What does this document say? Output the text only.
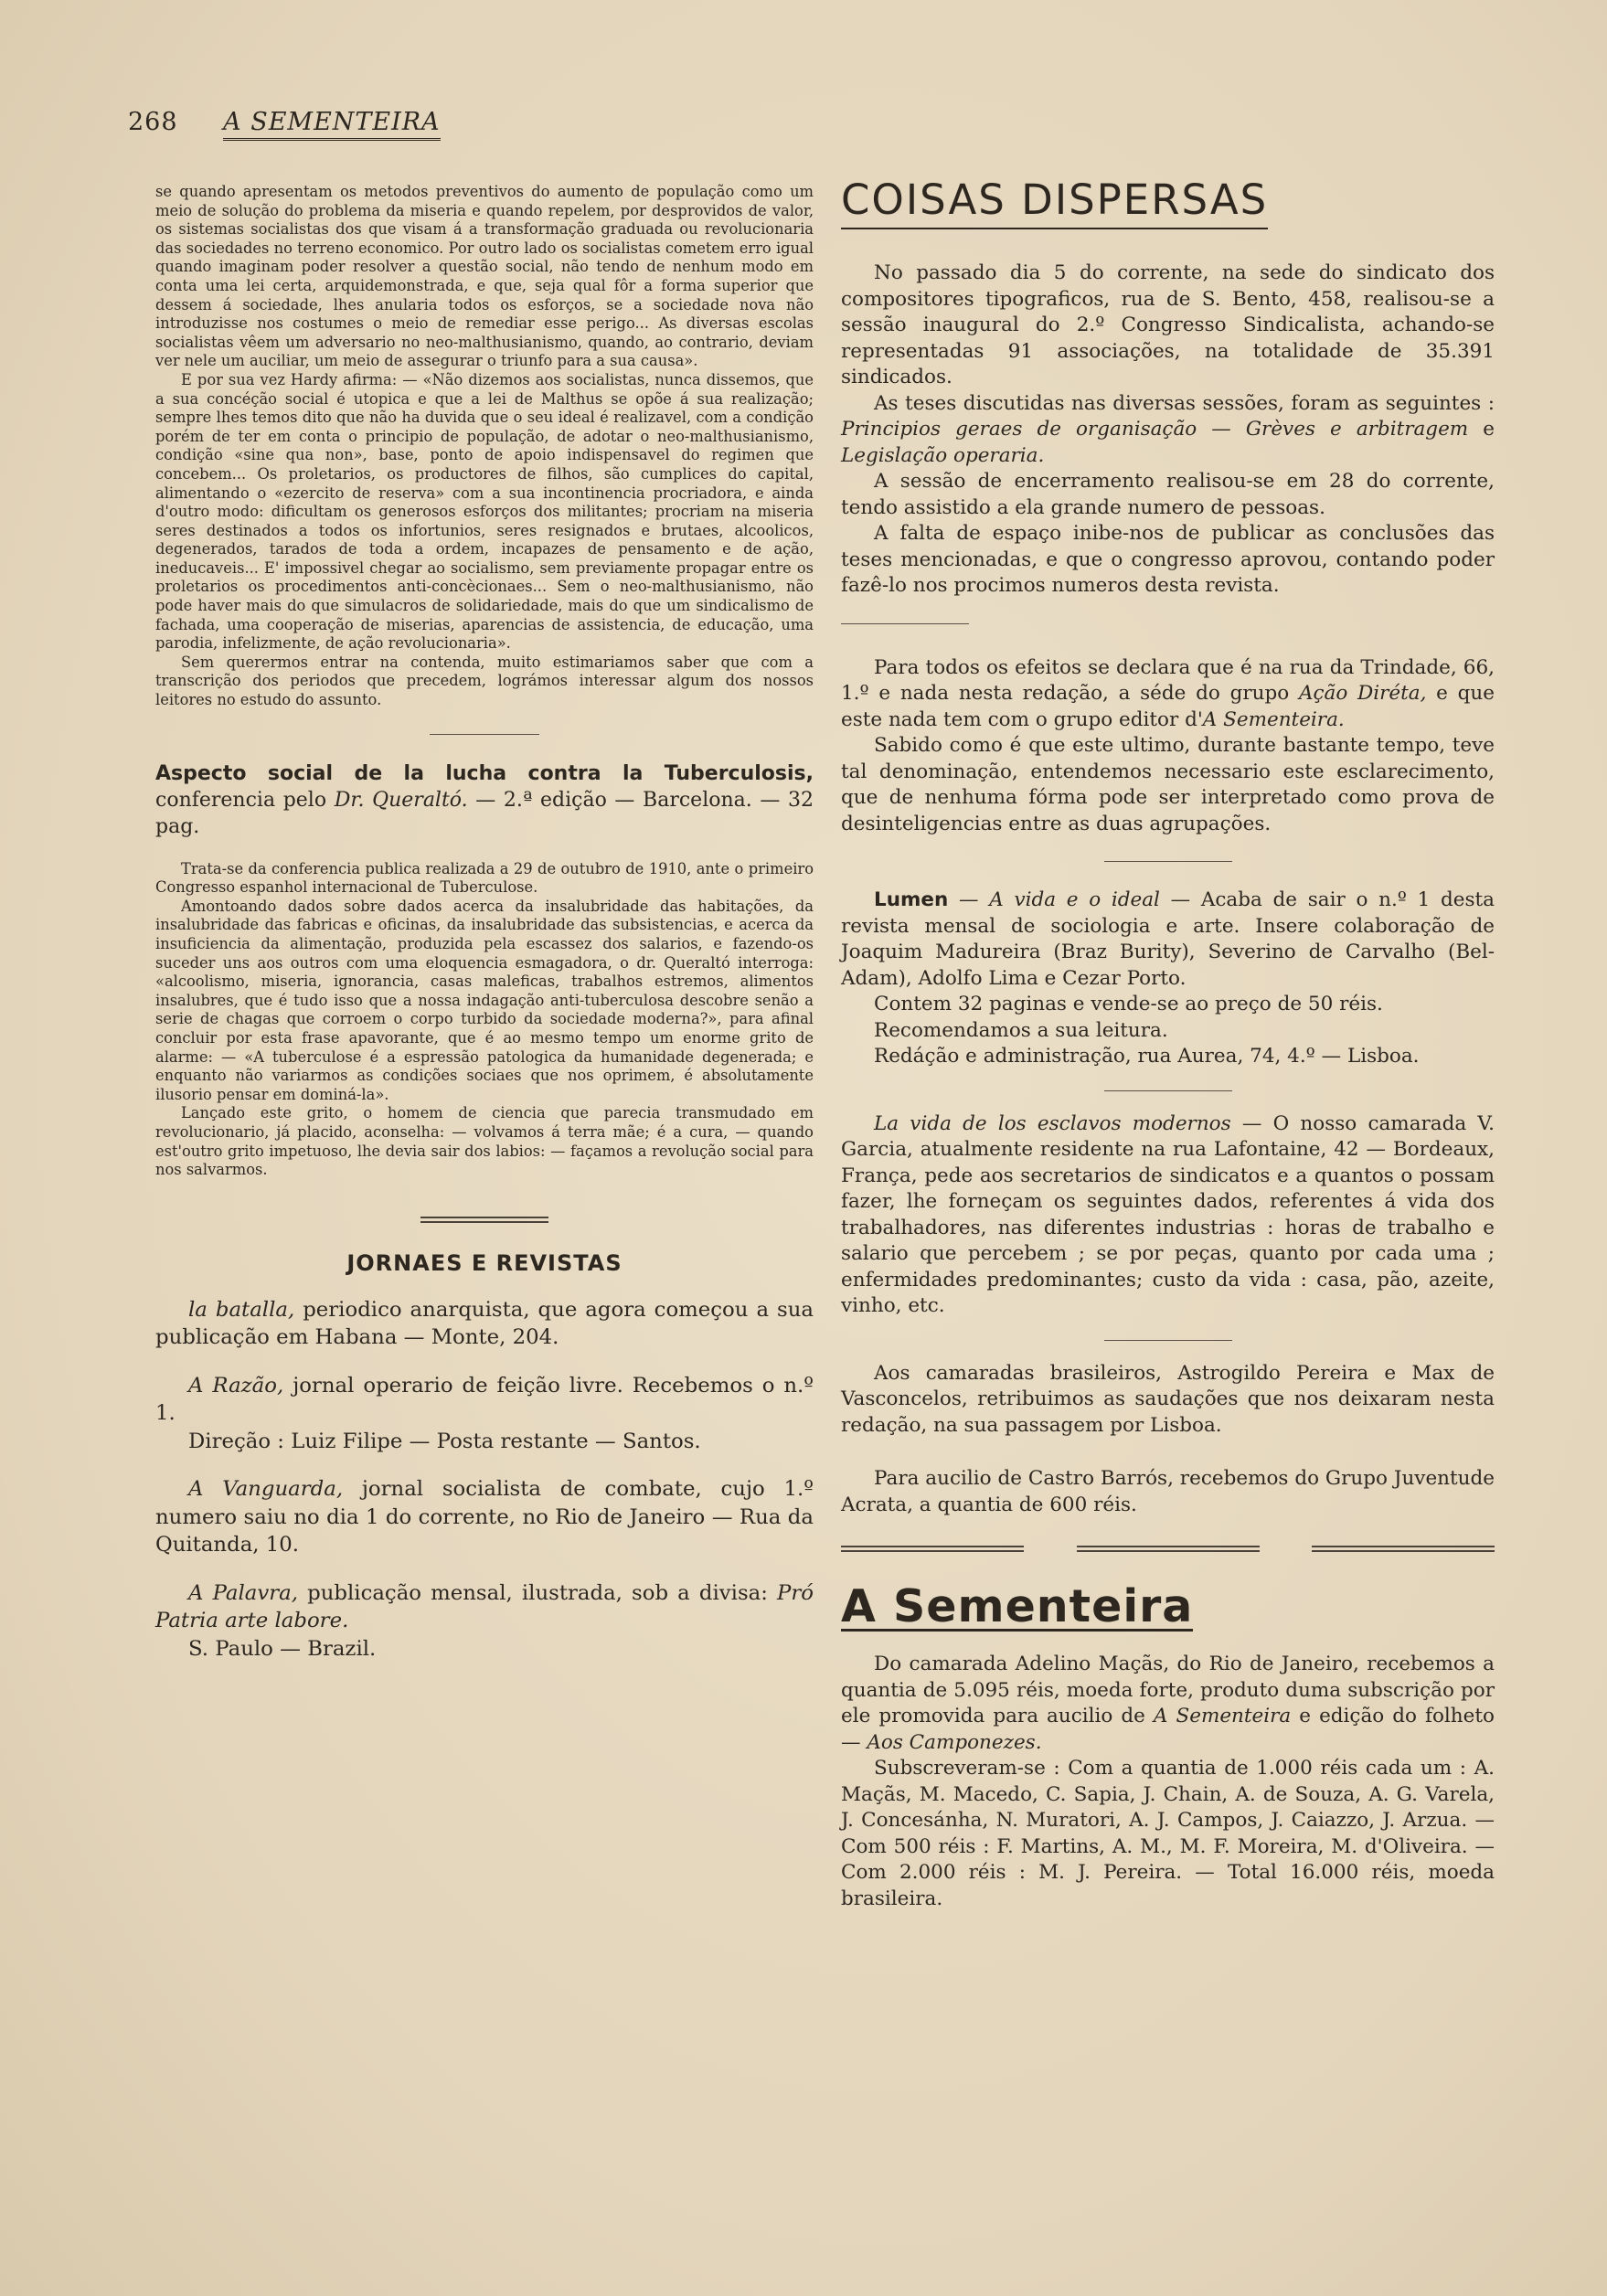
268 A SEMENTEIRA

se quando apresentam os metodos preventivos do aumento de população como um meio de solução do problema da miseria e quando repelem, por desprovidos de valor, os sistemas socialistas dos que visam á a transformação graduada ou revolucionaria das sociedades no terreno economico. Por outro lado os socialistas cometem erro igual quando imaginam poder resolver a questão social, não tendo de nenhum modo em conta uma lei certa, arquidemonstrada, e que, seja qual fôr a forma superior que dessem á sociedade, lhes anularia todos os esforços, se a sociedade nova não introduzisse nos costumes o meio de remediar esse perigo... As diversas escolas socialistas vêem um adversario no neo-malthusianismo, quando, ao contrario, deviam ver nele um auciliar, um meio de assegurar o triunfo para a sua causa».

E por sua vez Hardy afirma: — «Não dizemos aos socialistas, nunca dissemos, que a sua concéção social é utopica e que a lei de Malthus se opõe á sua realização; sempre lhes temos dito que não ha duvida que o seu ideal é realizavel, com a condição porém de ter em conta o principio de população, de adotar o neo-malthusianismo, condição «sine qua non», base, ponto de apoio indispensavel do regimen que concebem... Os proletarios, os productores de filhos, são cumplices do capital, alimentando o «ezercito de reserva» com a sua incontinencia procriadora, e ainda d'outro modo: dificultam os generosos esforços dos militantes; procriam na miseria seres destinados a todos os infortunios, seres resignados e brutaes, alcoolicos, degenerados, tarados de toda a ordem, incapazes de pensamento e de ação, ineducaveis... E' impossivel chegar ao socialismo, sem previamente propagar entre os proletarios os procedimentos anti-concècionaes... Sem o neo-malthusianismo, não pode haver mais do que simulacros de solidariedade, mais do que um sindicalismo de fachada, uma cooperação de miserias, aparencias de assistencia, de educação, uma parodia, infelizmente, de ação revolucionaria».

Sem querermos entrar na contenda, muito estimariamos saber que com a transcrição dos periodos que precedem, lográmos interessar algum dos nossos leitores no estudo do assunto.

Aspecto social de la lucha contra la Tuberculosis, conferencia pelo Dr. Queraltó. — 2.ª edição — Barcelona. — 32 pag.

Trata-se da conferencia publica realizada a 29 de outubro de 1910, ante o primeiro Congresso espanhol internacional de Tuberculose.

Amontoando dados sobre dados acerca da insalubridade das habitações, da insalubridade das fabricas e oficinas, da insalubridade das subsistencias, e acerca da insuficiencia da alimentação, produzida pela escassez dos salarios, e fazendo-os suceder uns aos outros com uma eloquencia esmagadora, o dr. Queraltó interroga: «alcoolismo, miseria, ignorancia, casas maleficas, trabalhos estremos, alimentos insalubres, que é tudo isso que a nossa indagação anti-tuberculosa descobre senão a serie de chagas que corroem o corpo turbido da sociedade moderna?», para afinal concluir por esta frase apavorante, que é ao mesmo tempo um enorme grito de alarme: — «A tuberculose é a espressão patologica da humanidade degenerada; e enquanto não variarmos as condições sociaes que nos oprimem, é absolutamente ilusorio pensar em dominá-la».

Lançado este grito, o homem de ciencia que parecia transmudado em revolucionario, já placido, aconselha: — volvamos á terra mãe; é a cura, — quando est'outro grito impetuoso, lhe devia sair dos labios: — façamos a revolução social para nos salvarmos.

JORNAES E REVISTAS

la batalla, periodico anarquista, que agora começou a sua publicação em Habana — Monte, 204.

A Razão, jornal operario de feição livre. Recebemos o n.º 1.

Direção : Luiz Filipe — Posta restante — Santos.

A Vanguarda, jornal socialista de combate, cujo 1.º numero saiu no dia 1 do corrente, no Rio de Janeiro — Rua da Quitanda, 10.

A Palavra, publicação mensal, ilustrada, sob a divisa: Pró Patria arte labore.

S. Paulo — Brazil.

COISAS DISPERSAS

No passado dia 5 do corrente, na sede do sindicato dos compositores tipograficos, rua de S. Bento, 458, realisou-se a sessão inaugural do 2.º Congresso Sindicalista, achando-se representadas 91 associações, na totalidade de 35.391 sindicados.

As teses discutidas nas diversas sessões, foram as seguintes : Principios geraes de organisação — Grèves e arbitragem e Legislação operaria.

A sessão de encerramento realisou-se em 28 do corrente, tendo assistido a ela grande numero de pessoas.

A falta de espaço inibe-nos de publicar as conclusões das teses mencionadas, e que o congresso aprovou, contando poder fazê-lo nos procimos numeros desta revista.

Para todos os efeitos se declara que é na rua da Trindade, 66, 1.º e nada nesta redação, a séde do grupo Ação Diréta, e que este nada tem com o grupo editor d'A Sementeira.

Sabido como é que este ultimo, durante bastante tempo, teve tal denominação, entendemos necessario este esclarecimento, que de nenhuma fórma pode ser interpretado como prova de desinteligencias entre as duas agrupações.

Lumen — A vida e o ideal — Acaba de sair o n.º 1 desta revista mensal de sociologia e arte. Insere colaboração de Joaquim Madureira (Braz Burity), Severino de Carvalho (Bel-Adam), Adolfo Lima e Cezar Porto.

Contem 32 paginas e vende-se ao preço de 50 réis.

Recomendamos a sua leitura.

Redáção e administração, rua Aurea, 74, 4.º — Lisboa.

La vida de los esclavos modernos — O nosso camarada V. Garcia, atualmente residente na rua Lafontaine, 42 — Bordeaux, França, pede aos secretarios de sindicatos e a quantos o possam fazer, lhe forneçam os seguintes dados, referentes á vida dos trabalhadores, nas diferentes industrias : horas de trabalho e salario que percebem ; se por peças, quanto por cada uma ; enfermidades predominantes; custo da vida : casa, pão, azeite, vinho, etc.

Aos camaradas brasileiros, Astrogildo Pereira e Max de Vasconcelos, retribuimos as saudações que nos deixaram nesta redação, na sua passagem por Lisboa.

Para aucilio de Castro Barrós, recebemos do Grupo Juventude Acrata, a quantia de 600 réis.

A Sementeira

Do camarada Adelino Maçãs, do Rio de Janeiro, recebemos a quantia de 5.095 réis, moeda forte, produto duma subscrição por ele promovida para aucilio de A Sementeira e edição do folheto — Aos Camponezes.

Subscreveram-se : Com a quantia de 1.000 réis cada um : A. Maçãs, M. Macedo, C. Sapia, J. Chain, A. de Souza, A. G. Varela, J. Concesánha, N. Muratori, A. J. Campos, J. Caiazzo, J. Arzua. — Com 500 réis : F. Martins, A. M., M. F. Moreira, M. d'Oliveira. — Com 2.000 réis : M. J. Pereira. — Total 16.000 réis, moeda brasileira.
